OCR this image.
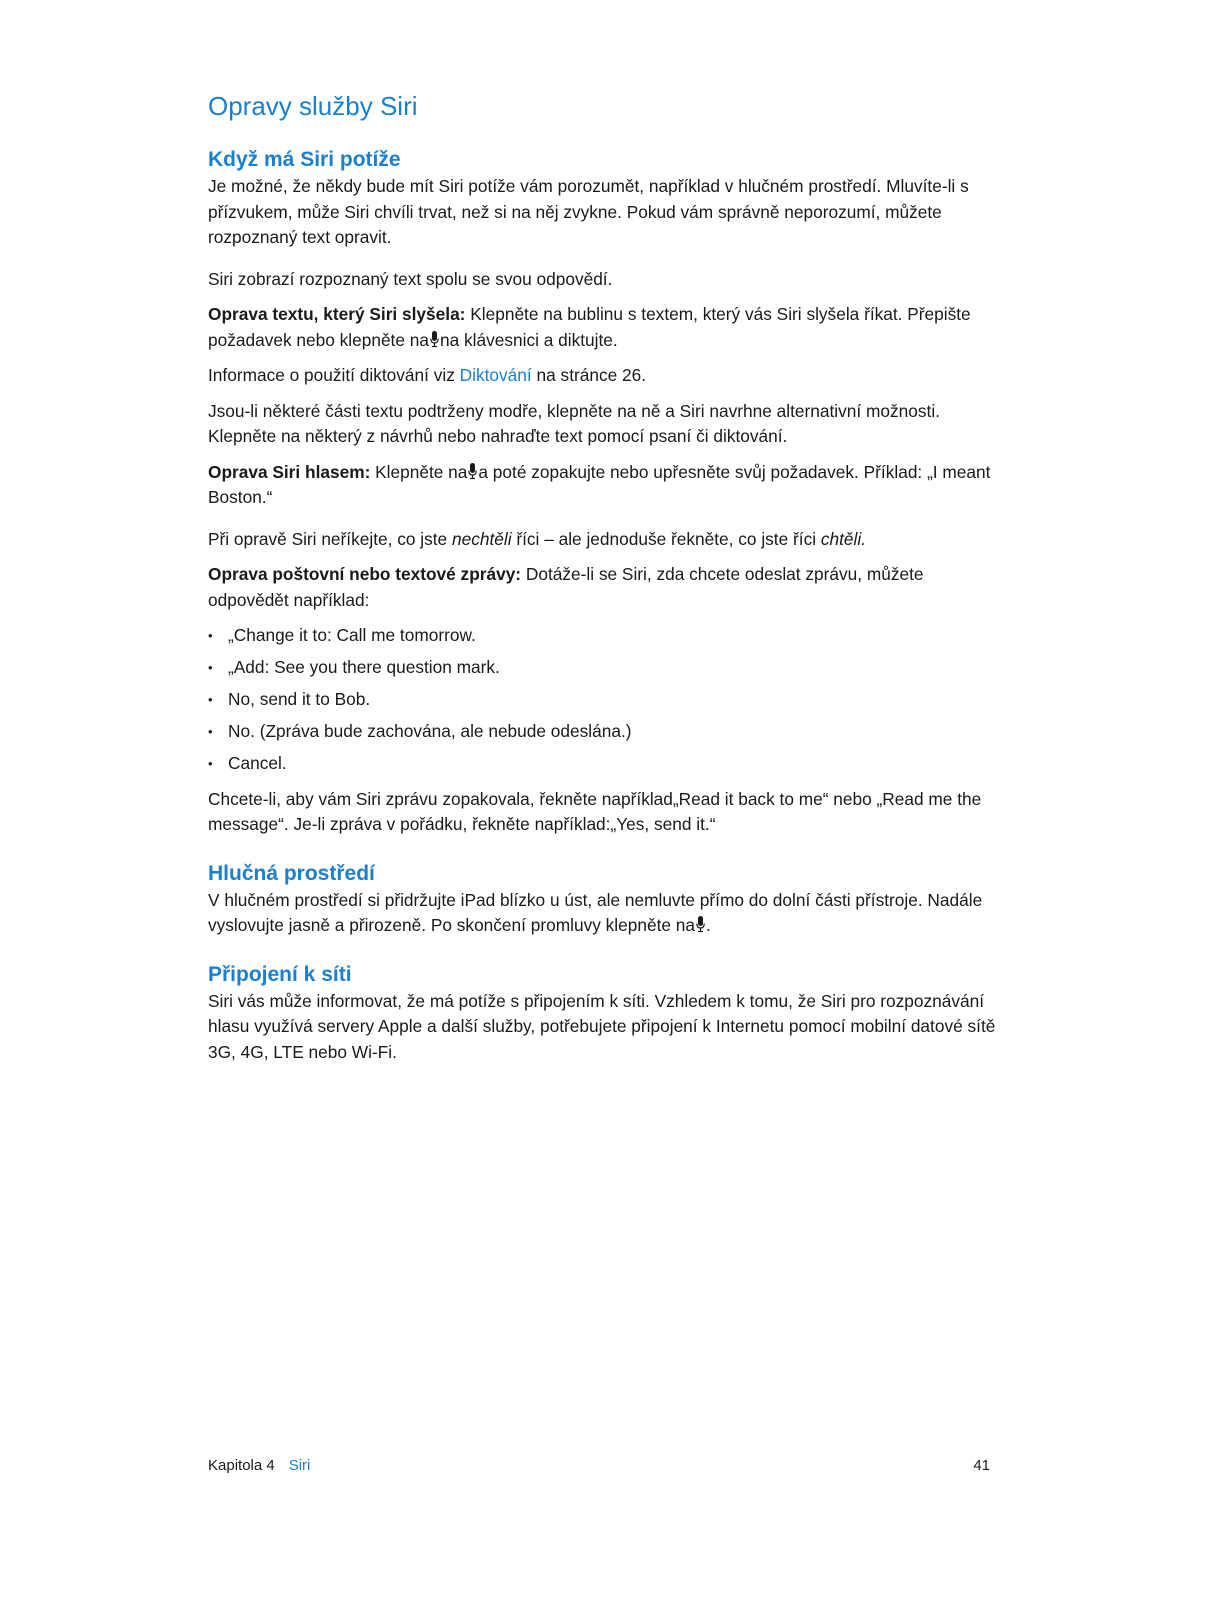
Opravy služby Siri
Když má Siri potíže

Je možné, že někdy bude mít Siri potíže vám porozumět, například v hlučném prostředí. Mluvíte-li s přízvukem, může Siri chvíli trvat, než si na něj zvykne. Pokud vám správně neporozumí, můžete rozpoznaný text opravit.

Siri zobrazí rozpoznaný text spolu se svou odpovědí.

Oprava textu, který Siri slyšela: Klepněte na bublinu s textem, který vás Siri slyšela říkat. Přepište požadavek nebo klepněte na na klávesnici a diktujte.

Informace o použití diktování viz Diktování na stránce 26.

Jsou-li některé části textu podtrženy modře, klepněte na ně a Siri navrhne alternativní možnosti. Klepněte na některý z návrhů nebo nahraďte text pomocí psaní či diktování.

Oprava Siri hlasem: Klepněte na a poté zopakujte nebo upřesněte svůj požadavek. Příklad: „I meant Boston.“

Při opravě Siri neříkejte, co jste nechtěli říci – ale jednoduše řekněte, co jste říci chtěli.

Oprava poštovní nebo textové zprávy: Dotáže-li se Siri, zda chcete odeslat zprávu, můžete odpovědět například:

• „Change it to: Call me tomorrow.
• „Add: See you there question mark.
• No, send it to Bob.
• No. (Zpráva bude zachována, ale nebude odeslána.)
• Cancel.

Chcete-li, aby vám Siri zprávu zopakovala, řekněte například„Read it back to me“ nebo „Read me the message“. Je-li zpráva v pořádku, řekněte například:„Yes, send it.“

Hlučná prostředí

V hlučném prostředí si přidržujte iPad blízko u úst, ale nemluvte přímo do dolní části přístroje. Nadále vyslovujte jasně a přirozeně. Po skončení promluvy klepněte na .

Připojení k síti

Siri vás může informovat, že má potíže s připojením k síti. Vzhledem k tomu, že Siri pro rozpoznávání hlasu využívá servery Apple a další služby, potřebujete připojení k Internetu pomocí mobilní datové sítě 3G, 4G, LTE nebo Wi-Fi.

Kapitola 4 Siri	41
